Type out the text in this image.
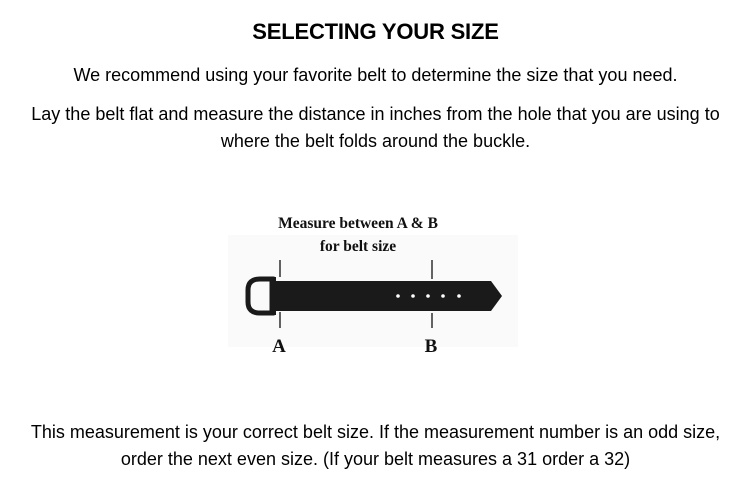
SELECTING YOUR SIZE
We recommend using your favorite belt to determine the size that you need.
Lay the belt flat and measure the distance in inches from the hole that you are using to where the belt folds around the buckle.
Measure between A & B
for belt size
A	B
This measurement is your correct belt size. If the measurement number is an odd size, order the next even size. (If your belt measures a 31 order a 32)
